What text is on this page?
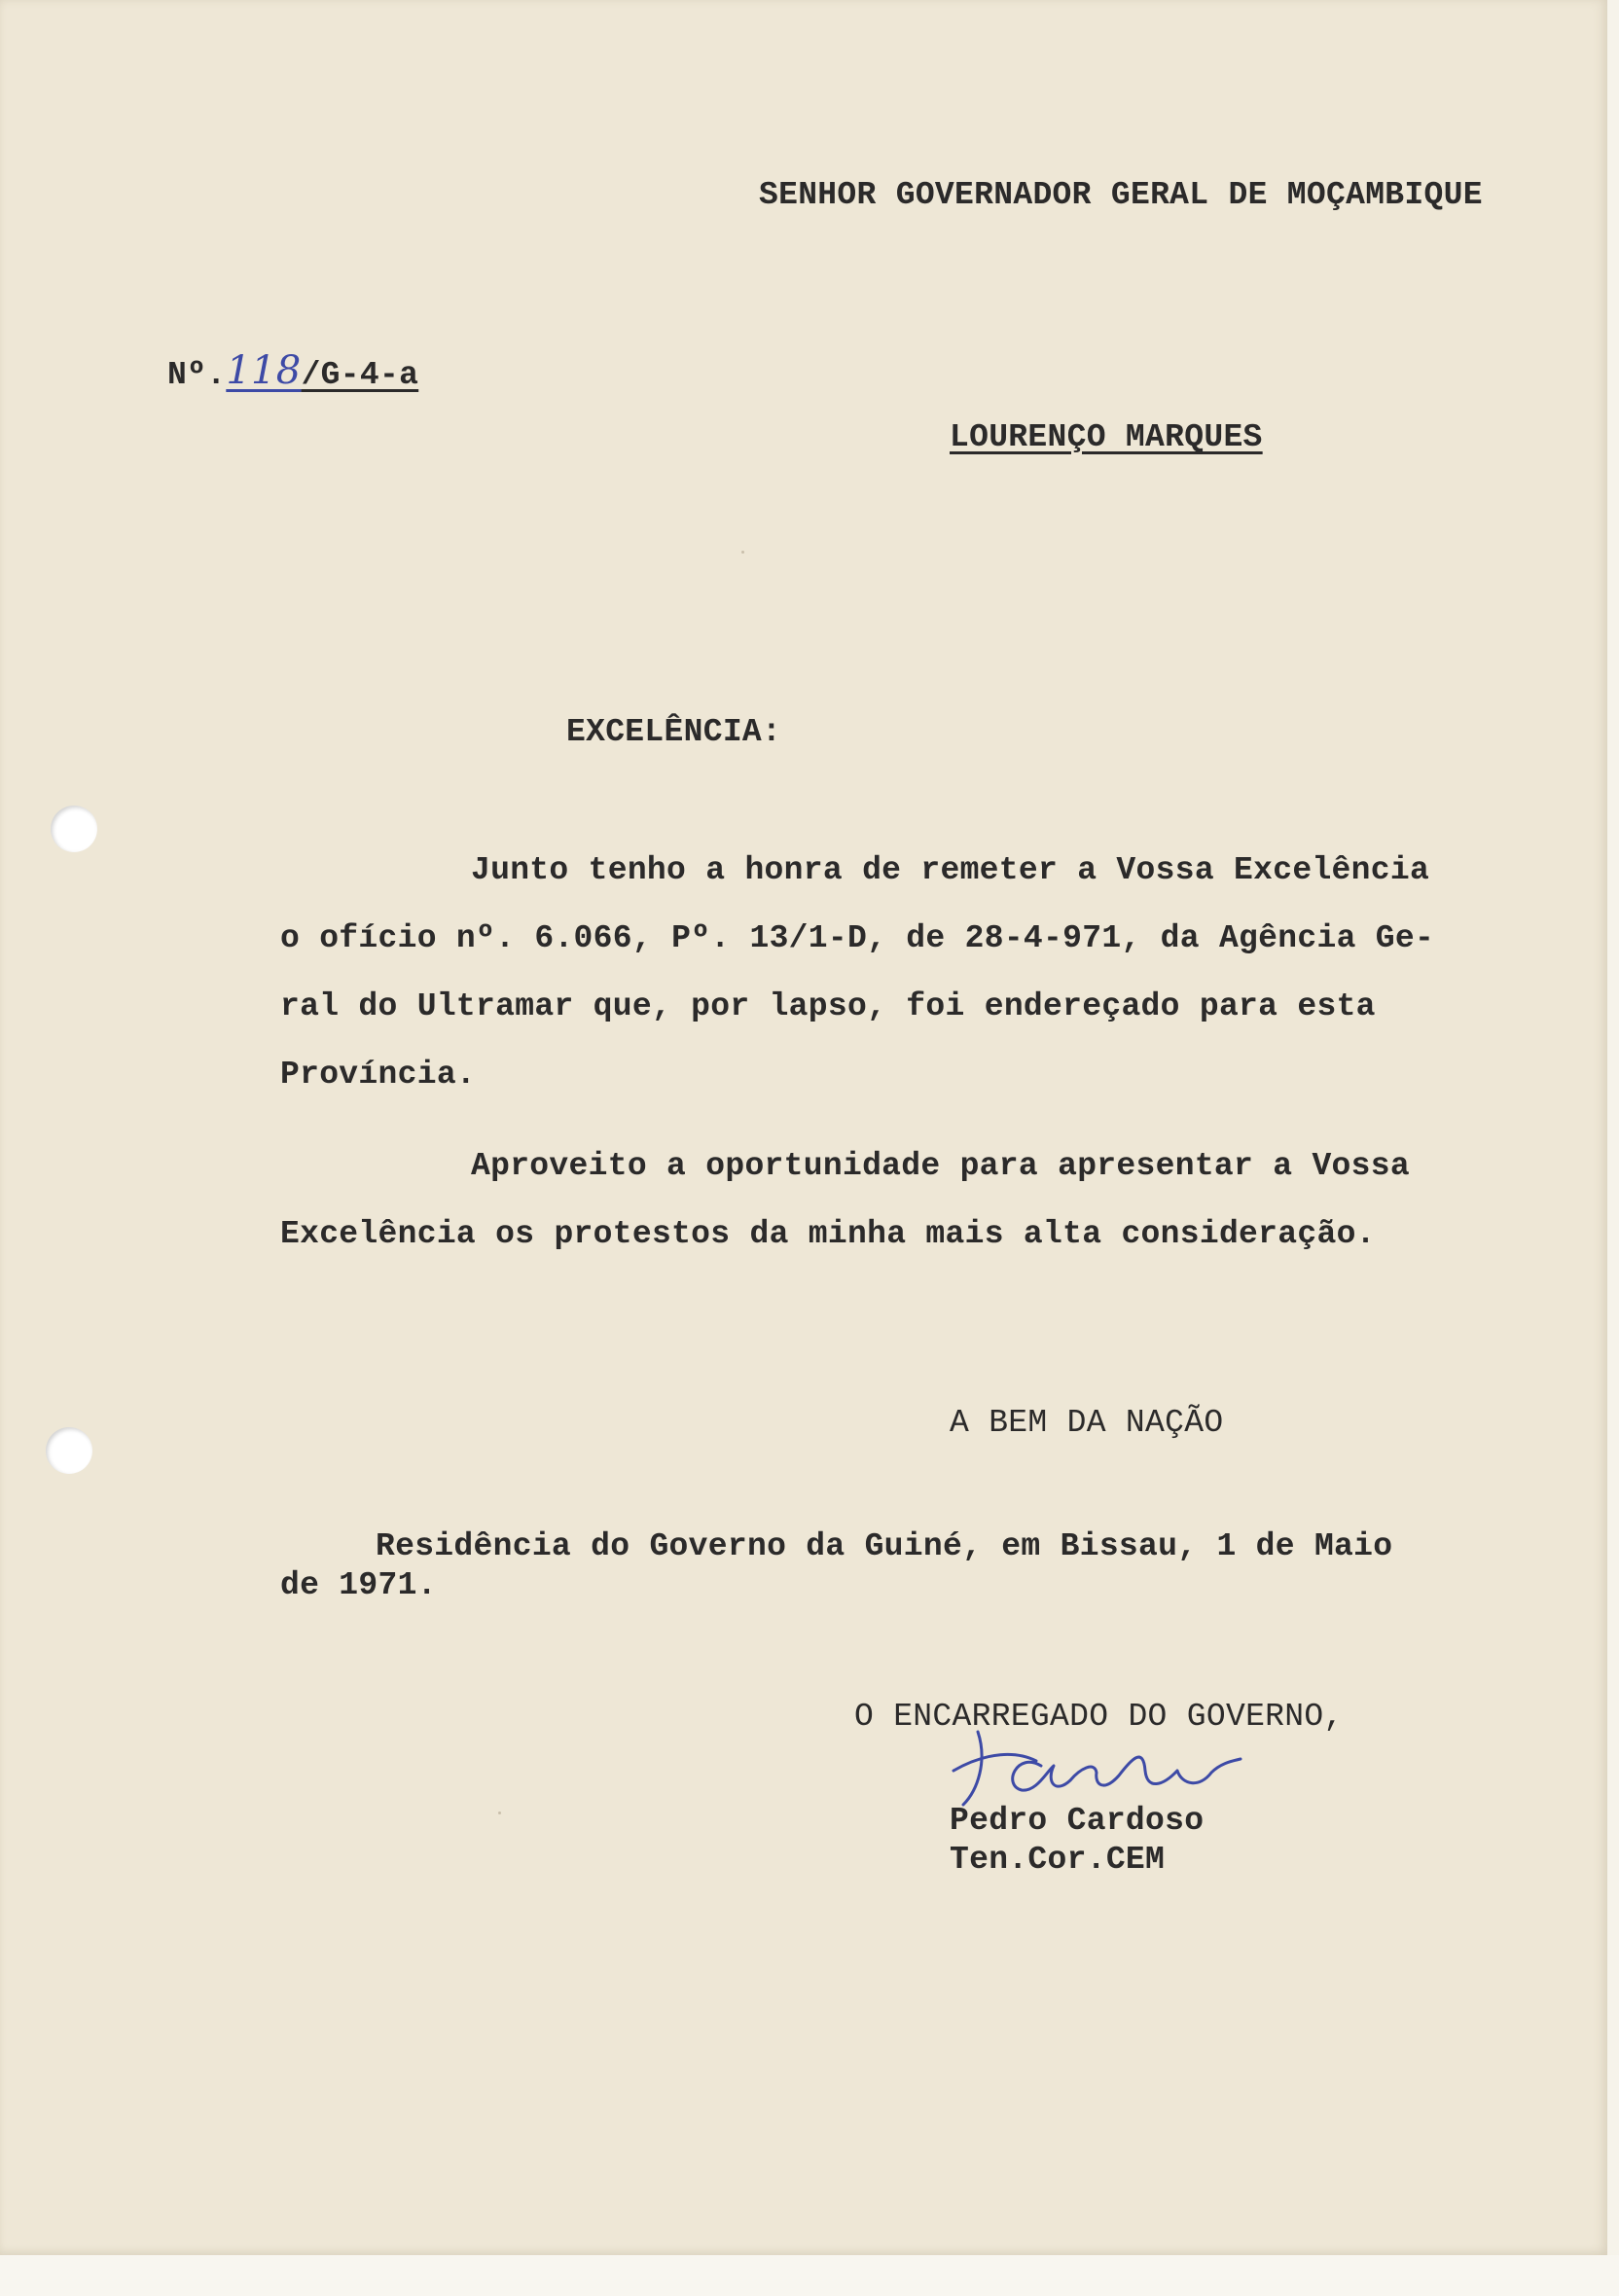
SENHOR GOVERNADOR GERAL DE MOÇAMBIQUE

Nº.118/G-4-a

LOURENÇO MARQUES

EXCELÊNCIA:

Junto tenho a honra de remeter a Vossa Excelência

o ofício nº. 6.066, Pº. 13/1-D, de 28-4-971, da Agência Ge-

ral do Ultramar que, por lapso, foi endereçado para esta

Província.

Aproveito a oportunidade para apresentar a Vossa

Excelência os protestos da minha mais alta consideração.

A BEM DA NAÇÃO

Residência do Governo da Guiné, em Bissau, 1 de Maio

de 1971.

O ENCARREGADO DO GOVERNO,

Pedro Cardoso

Ten.Cor.CEM
